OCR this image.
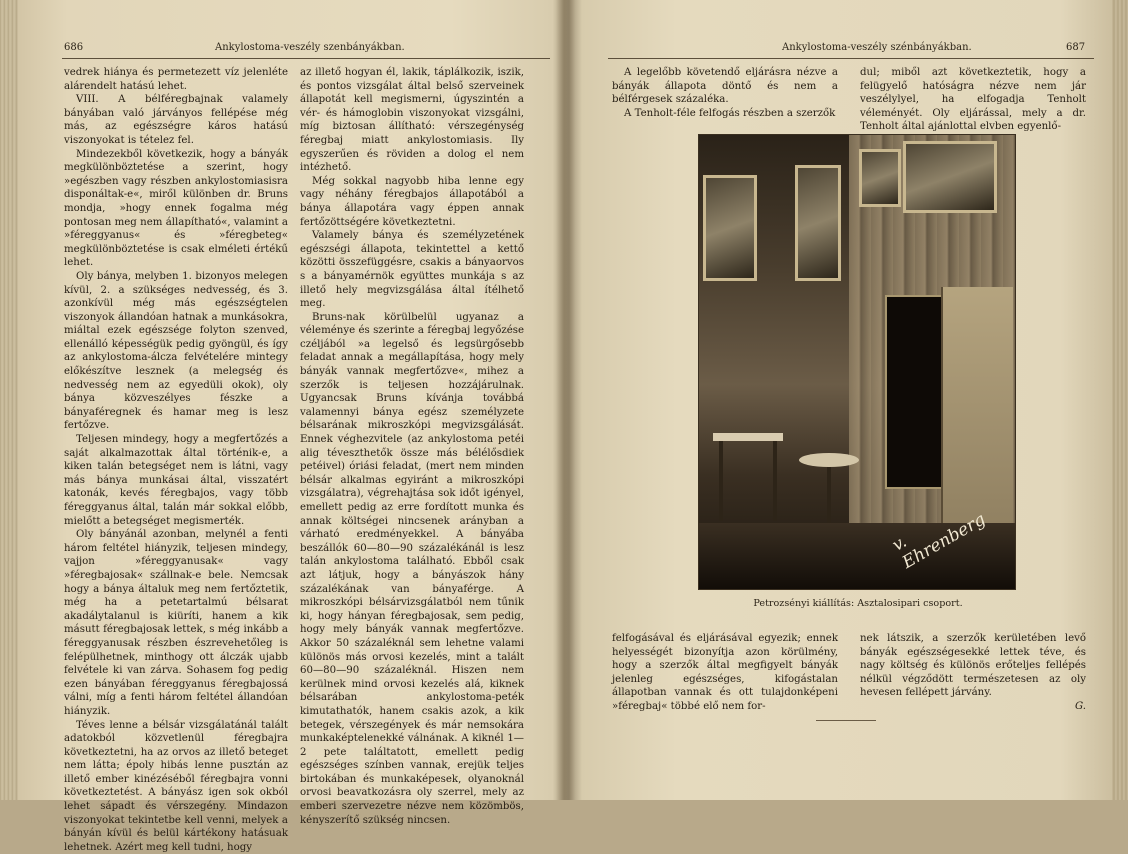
686	Ankylostoma-veszély szenbányákban.

vedrek hiánya és permetezett víz jelenléte alárendelt hatású lehet.

VIII. A bélféregbajnak valamely bányában való járványos fellépése még más, az egészségre káros hatású viszonyokat is tételez fel.

Mindezekből következik, hogy a bányák megkülönböztetése a szerint, hogy »egészben vagy részben ankylostomiasisra disponáltak-e«, miről különben dr. Bruns mondja, »hogy ennek fogalma még pontosan meg nem állapítható«, valamint a »féreggyanus« és »féregbeteg« megkülönböztetése is csak elméleti értékű lehet.

Oly bánya, melyben 1. bizonyos melegen kívül, 2. a szükséges nedvesség, és 3. azonkívül még más egészségtelen viszonyok állandóan hatnak a munkásokra, miáltal ezek egészsége folyton szenved, ellenálló képességük pedig gyöngül, és így az ankylostoma-álcza felvételére mintegy előkészítve lesznek (a melegség és nedvesség nem az egyedüli okok), oly bánya közveszélyes fészke a bányaféregnek és hamar meg is lesz fertőzve.

Teljesen mindegy, hogy a megfertőzés a saját alkalmazottak által történik-e, a kiken talán betegséget nem is látni, vagy más bánya munkásai által, visszatért katonák, kevés féregbajos, vagy több féreggyanus által, talán már sokkal előbb, mielőtt a betegséget megismerték.

Oly bányánál azonban, melynél a fenti három feltétel hiányzik, teljesen mindegy, vajjon »féreggyanusak« vagy »féregbajosak« szállnak-e bele. Nemcsak hogy a bánya általuk meg nem fertőztetik, még ha a petetartalmú bélsarat akadálytalanul is kiüríti, hanem a kik másutt féregbajosak lettek, s még inkább a féreggyanusak részben észrevehetőleg is felépülhetnek, minthogy ott álczák ujabb felvétele ki van zárva. Sohasem fog pedig ezen bányában féreggyanus féregbajossá válni, míg a fenti három feltétel állandóan hiányzik.

Téves lenne a bélsár vizsgálatánál talált adatokból közvetlenül féregbajra következtetni, ha az orvos az illető beteget nem látta; époly hibás lenne pusztán az illető ember kinézéséből féregbajra vonni következtetést. A bányász igen sok okból lehet sápadt és vérszegény. Mindazon viszonyokat tekintetbe kell venni, melyek a bányán kívül és belül kártékony hatásuak lehetnek. Azért meg kell tudni, hogy

az illető hogyan él, lakik, táplálkozik, iszik, és pontos vizsgálat által belső szerveinek állapotát kell megismerni, úgyszintén a vér- és hámoglobin viszonyokat vizsgálni, míg biztosan állítható: vérszegénység féregbaj miatt ankylostomiasis. Ily egyszerűen és röviden a dolog el nem intézhető.

Még sokkal nagyobb hiba lenne egy vagy néhány féregbajos állapotából a bánya állapotára vagy éppen annak fertőzöttségére következtetni.

Valamely bánya és személyzetének egészségi állapota, tekintettel a kettő közötti összefüggésre, csakis a bányaorvos s a bányamérnök együttes munkája s az illető hely megvizsgálása által ítélhető meg.

Bruns-nak körülbelül ugyanaz a véleménye és szerinte a féregbaj legyőzése czéljából »a legelső és legsürgősebb feladat annak a megállapítása, hogy mely bányák vannak megfertőzve«, mihez a szerzők is teljesen hozzájárulnak. Ugyancsak Bruns kívánja továbbá valamennyi bánya egész személyzete bélsarának mikroszkópi megvizsgálását. Ennek véghezvitele (az ankylostoma petéi alig téveszthetők össze más bélélősdiek petéivel) óriási feladat, (mert nem minden bélsár alkalmas egyiránt a mikroszkópi vizsgálatra), végrehajtása sok időt igényel, emellett pedig az erre fordított munka és annak költségei nincsenek arányban a várható eredményekkel. A bányába beszállók 60—80—90 százalékánál is lesz talán ankylostoma található. Ebből csak azt látjuk, hogy a bányászok hány százalékának van bányaférge. A mikroszkópi bélsárvizsgálatból nem tűnik ki, hogy hányan féregbajosak, sem pedig, hogy mely bányák vannak megfertőzve. Akkor 50 százaléknál sem lehetne valami különös más orvosi kezelés, mint a talált 60—80—90 százaléknál. Hiszen nem kerülnek mind orvosi kezelés alá, kiknek bélsarában ankylostoma-peték kimutathatók, hanem csakis azok, a kik betegek, vérszegények és már nemsokára munkaképtelenekké válnának. A kiknél 1—2 pete találtatott, emellett pedig egészséges színben vannak, erejük teljes birtokában és munkaképesek, olyanoknál orvosi beavatkozásra oly szerrel, mely az emberi szervezetre nézve nem közömbös, kényszerítő szükség nincsen.

Ankylostoma-veszély szénbányákban.	687

A legelőbb követendő eljárásra nézve a bányák állapota döntő és nem a bélférgesek százaléka.

A Tenholt-féle felfogás részben a szerzők

dul; miből azt következtetik, hogy a felügyelő hatóságra nézve nem jár veszélylyel, ha elfogadja Tenholt véleményét. Oly eljárással, mely a dr. Tenholt által ajánlottal elvben egyenlő-

v. Ehrenberg
Petrozsényi kiállítás: Asztalosipari csoport.

felfogásával és eljárásával egyezik; ennek helyességét bizonyítja azon körülmény, hogy a szerzők által megfigyelt bányák jelenleg egészséges, kifogástalan állapotban vannak és ott tulajdonképeni »féregbaj« többé elő nem for-

nek látszik, a szerzők kerületében levő bányák egészségesekké lettek téve, és nagy költség és különös erőteljes fellépés nélkül végződött természetesen az oly hevesen fellépett járvány.

G.
